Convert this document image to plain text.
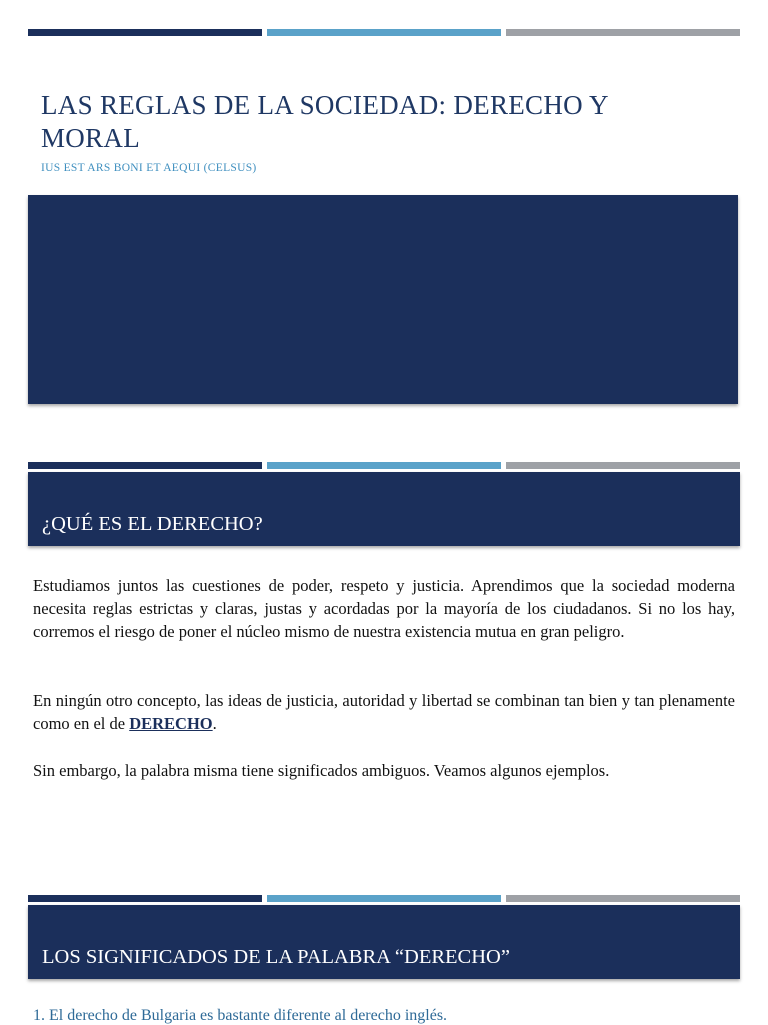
LAS REGLAS DE LA SOCIEDAD: DERECHO Y MORAL

IUS EST ARS BONI ET AEQUI (CELSUS)

¿QUÉ ES EL DERECHO?

Estudiamos juntos las cuestiones de poder, respeto y justicia. Aprendimos que la sociedad moderna necesita reglas estrictas y claras, justas y acordadas por la mayoría de los ciudadanos. Si no los hay, corremos el riesgo de poner el núcleo mismo de nuestra existencia mutua en gran peligro.

En ningún otro concepto, las ideas de justicia, autoridad y libertad se combinan tan bien y tan plenamente como en el de DERECHO.

Sin embargo, la palabra misma tiene significados ambiguos. Veamos algunos ejemplos.

LOS SIGNIFICADOS DE LA PALABRA “DERECHO”

1. El derecho de Bulgaria es bastante diferente al derecho inglés.
